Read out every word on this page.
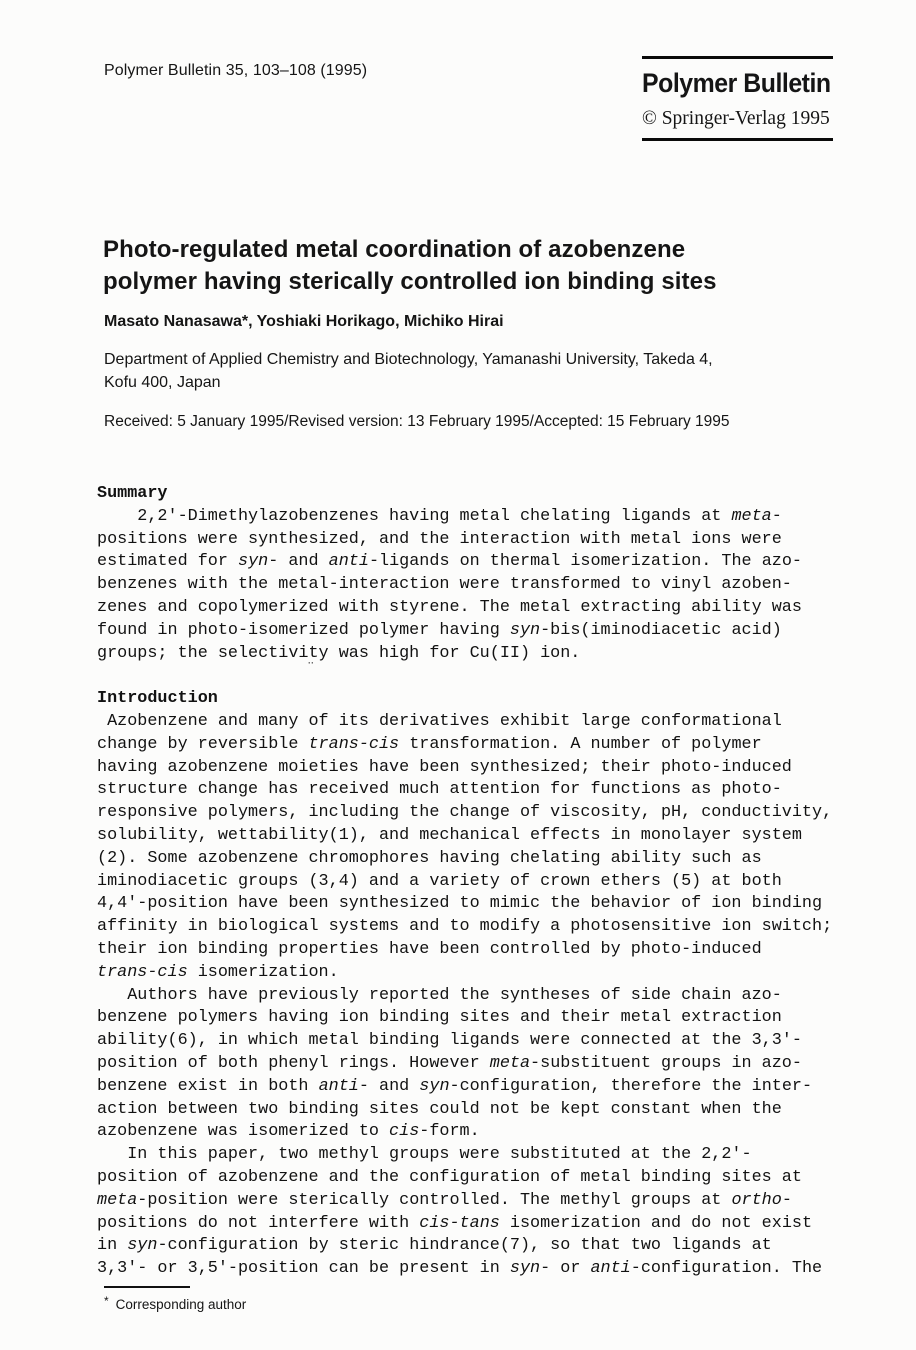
Polymer Bulletin 35, 103–108 (1995)	Polymer Bulletin
© Springer-Verlag 1995
Photo-regulated metal coordination of azobenzene
polymer having sterically controlled ion binding sites
Masato Nanasawa*, Yoshiaki Horikago, Michiko Hirai
Department of Applied Chemistry and Biotechnology, Yamanashi University, Takeda 4,
Kofu 400, Japan
Received: 5 January 1995/Revised version: 13 February 1995/Accepted: 15 February 1995
Summary
2,2'-Dimethylazobenzenes having metal chelating ligands at meta-
positions were synthesized, and the interaction with metal ions were
estimated for syn- and anti-ligands on thermal isomerization. The azo-
benzenes with the metal-interaction were transformed to vinyl azoben-
zenes and copolymerized with styrene. The metal extracting ability was
found in photo-isomerized polymer having syn-bis(iminodiacetic acid)
groups; the selectivity was high for Cu(II) ion.
Introduction
Azobenzene and many of its derivatives exhibit large conformational
change by reversible trans-cis transformation. A number of polymer
having azobenzene moieties have been synthesized; their photo-induced
structure change has received much attention for functions as photo-
responsive polymers, including the change of viscosity, pH, conductivity,
solubility, wettability(1), and mechanical effects in monolayer system
(2). Some azobenzene chromophores having chelating ability such as
iminodiacetic groups (3,4) and a variety of crown ethers (5) at both
4,4'-position have been synthesized to mimic the behavior of ion binding
affinity in biological systems and to modify a photosensitive ion switch;
their ion binding properties have been controlled by photo-induced
trans-cis isomerization.
Authors have previously reported the syntheses of side chain azo-
benzene polymers having ion binding sites and their metal extraction
ability(6), in which metal binding ligands were connected at the 3,3'-
position of both phenyl rings. However meta-substituent groups in azo-
benzene exist in both anti- and syn-configuration, therefore the inter-
action between two binding sites could not be kept constant when the
azobenzene was isomerized to cis-form.
In this paper, two methyl groups were substituted at the 2,2'-
position of azobenzene and the configuration of metal binding sites at
meta-position were sterically controlled. The methyl groups at ortho-
positions do not interfere with cis-tans isomerization and do not exist
in syn-configuration by steric hindrance(7), so that two ligands at
3,3'- or 3,5'-position can be present in syn- or anti-configuration. The
¨
* Corresponding author
